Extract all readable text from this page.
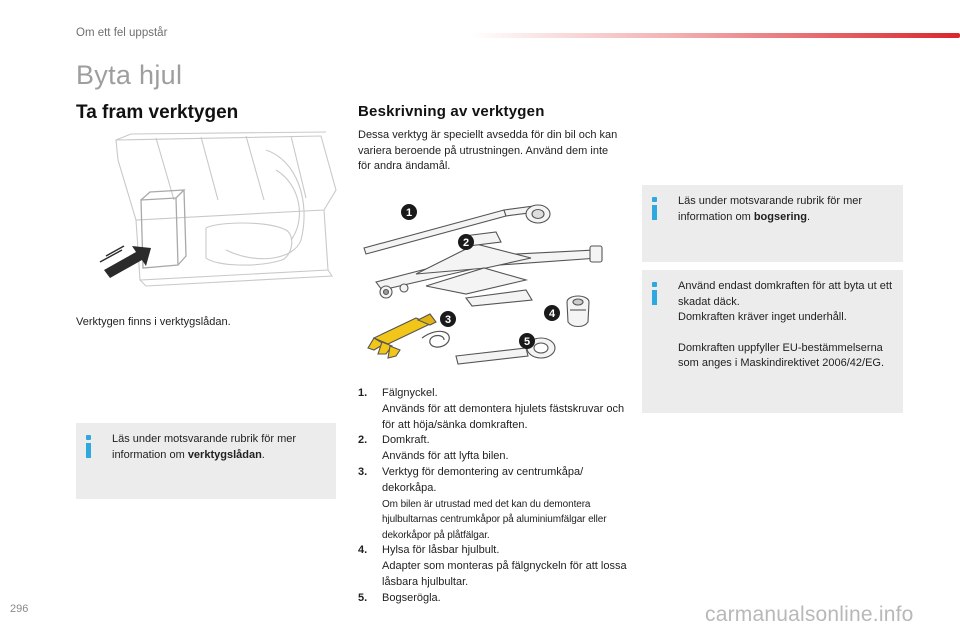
Om ett fel uppstår
Byta hjul
Ta fram verktygen
Verktygen finns i verktygslådan.
Läs under motsvarande rubrik för mer information om verktygslådan.
Beskrivning av verktygen
Dessa verktyg är speciellt avsedda för din bil och kan variera beroende på utrustningen. Använd dem inte för andra ändamål.
1
2
3	4
5
1. Fälgnyckel.
Används för att demontera hjulets fästskruvar och för att höja/sänka domkraften.
2. Domkraft.
Används för att lyfta bilen.
3. Verktyg för demontering av centrumkåpa/ dekorkåpa.
Om bilen är utrustad med det kan du demontera hjulbultarnas centrumkåpor på aluminiumfälgar eller dekorkåpor på plåtfälgar.
4. Hylsa för låsbar hjulbult.
Adapter som monteras på fälgnyckeln för att lossa låsbara hjulbultar.
5. Bogserögla.
Läs under motsvarande rubrik för mer information om bogsering.
Använd endast domkraften för att byta ut ett skadat däck.
Domkraften kräver inget underhåll.
Domkraften uppfyller EU-bestämmelserna som anges i Maskindirektivet 2006/42/EG.
296	carmanualsonline.info
